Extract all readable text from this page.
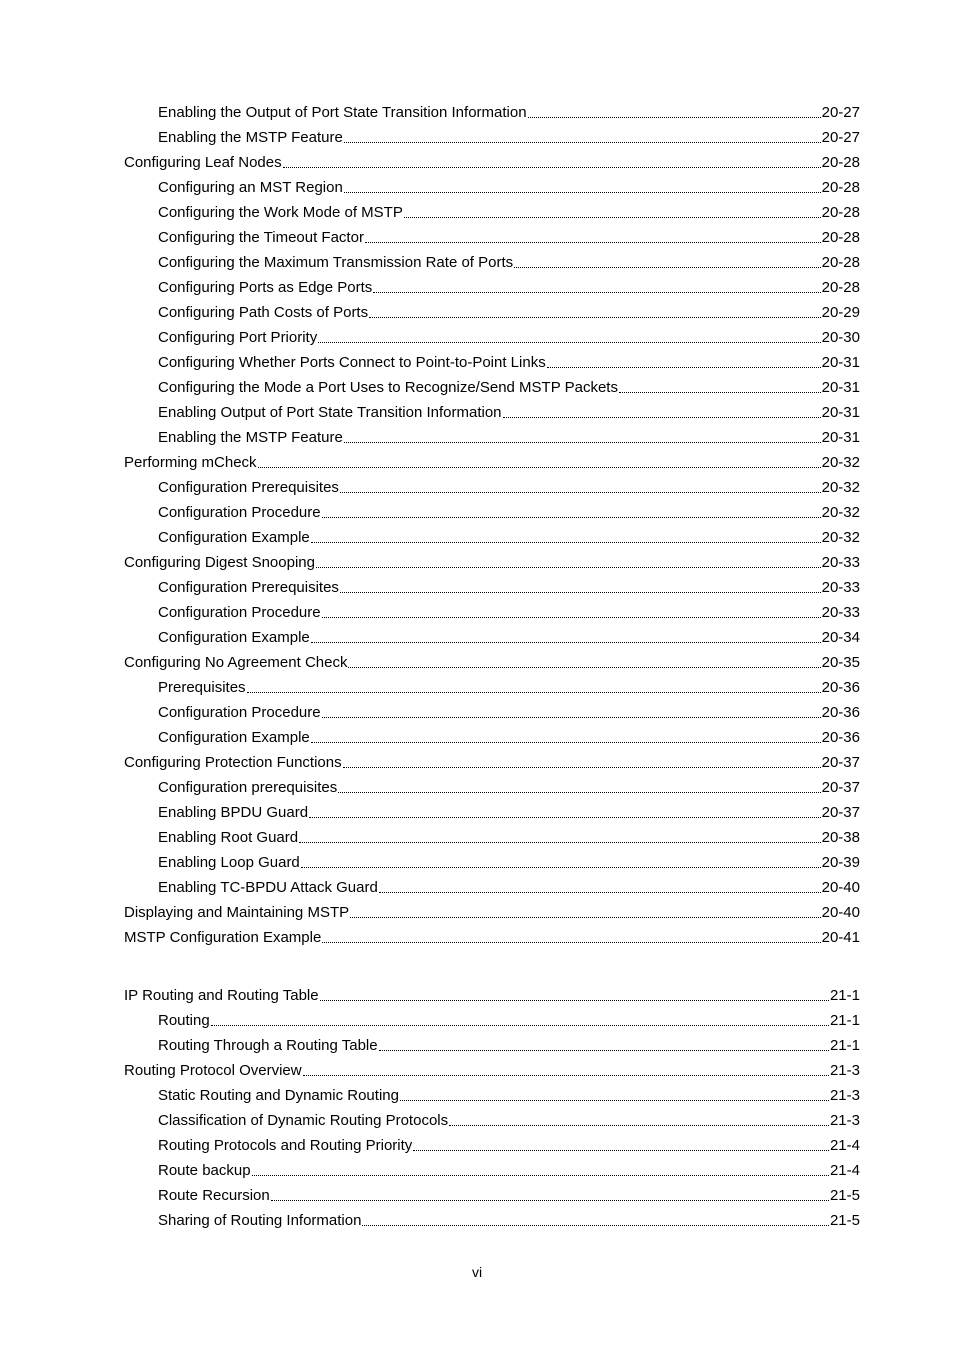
Enabling the Output of Port State Transition Information	20-27
Enabling the MSTP Feature	20-27
Configuring Leaf Nodes	20-28
Configuring an MST Region	20-28
Configuring the Work Mode of MSTP	20-28
Configuring the Timeout Factor	20-28
Configuring the Maximum Transmission Rate of Ports	20-28
Configuring Ports as Edge Ports	20-28
Configuring Path Costs of Ports	20-29
Configuring Port Priority	20-30
Configuring Whether Ports Connect to Point-to-Point Links	20-31
Configuring the Mode a Port Uses to Recognize/Send MSTP Packets	20-31
Enabling Output of Port State Transition Information	20-31
Enabling the MSTP Feature	20-31
Performing mCheck	20-32
Configuration Prerequisites	20-32
Configuration Procedure	20-32
Configuration Example	20-32
Configuring Digest Snooping	20-33
Configuration Prerequisites	20-33
Configuration Procedure	20-33
Configuration Example	20-34
Configuring No Agreement Check	20-35
Prerequisites	20-36
Configuration Procedure	20-36
Configuration Example	20-36
Configuring Protection Functions	20-37
Configuration prerequisites	20-37
Enabling BPDU Guard	20-37
Enabling Root Guard	20-38
Enabling Loop Guard	20-39
Enabling TC-BPDU Attack Guard	20-40
Displaying and Maintaining MSTP	20-40
MSTP Configuration Example	20-41
IP Routing and Routing Table	21-1
Routing	21-1
Routing Through a Routing Table	21-1
Routing Protocol Overview	21-3
Static Routing and Dynamic Routing	21-3
Classification of Dynamic Routing Protocols	21-3
Routing Protocols and Routing Priority	21-4
Route backup	21-4
Route Recursion	21-5
Sharing of Routing Information	21-5
vi
